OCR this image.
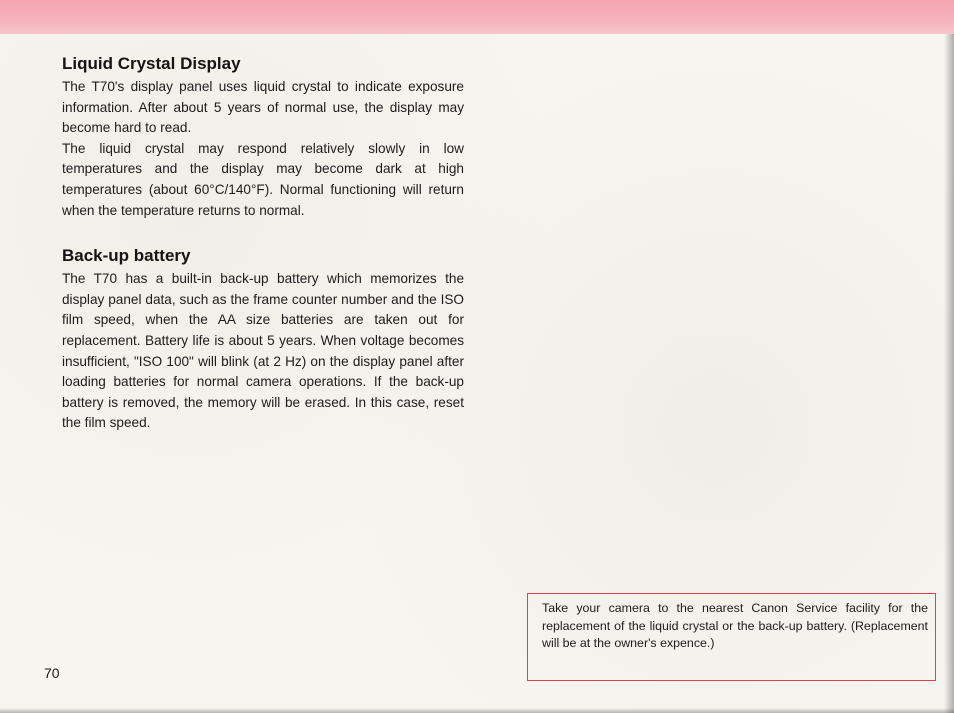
Liquid Crystal Display

The T70's display panel uses liquid crystal to indicate exposure information. After about 5 years of normal use, the display may become hard to read.

The liquid crystal may respond relatively slowly in low temperatures and the display may become dark at high temperatures (about 60°C/140°F). Normal functioning will return when the temperature returns to normal.

Back-up battery

The T70 has a built-in back-up battery which memorizes the display panel data, such as the frame counter number and the ISO film speed, when the AA size batteries are taken out for replacement. Battery life is about 5 years. When voltage becomes insufficient, "ISO 100" will blink (at 2 Hz) on the display panel after loading batteries for normal camera operations. If the back-up battery is removed, the memory will be erased. In this case, reset the film speed.

Take your camera to the nearest Canon Service facility for the replacement of the liquid crystal or the back-up battery. (Replacement will be at the owner's expence.)

70
